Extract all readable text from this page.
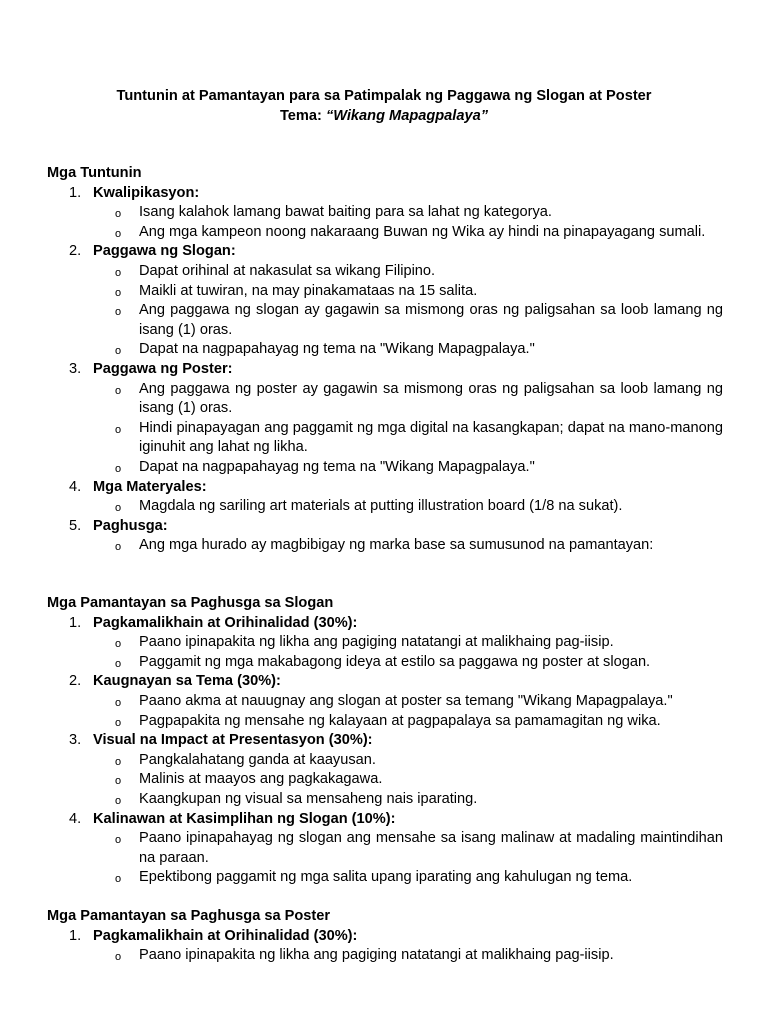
Tuntunin at Pamantayan para sa Patimpalak ng Paggawa ng Slogan at Poster
Tema: “Wikang Mapagpalaya”
Mga Tuntunin
1. Kwalipikasyon:
o Isang kalahok lamang bawat baiting para sa lahat ng kategorya.
o Ang mga kampeon noong nakaraang Buwan ng Wika ay hindi na pinapayagang sumali.
2. Paggawa ng Slogan:
o Dapat orihinal at nakasulat sa wikang Filipino.
o Maikli at tuwiran, na may pinakamataas na 15 salita.
o Ang paggawa ng slogan ay gagawin sa mismong oras ng paligsahan sa loob lamang ng isang (1) oras.
o Dapat na nagpapahayag ng tema na "Wikang Mapagpalaya."
3. Paggawa ng Poster:
o Ang paggawa ng poster ay gagawin sa mismong oras ng paligsahan sa loob lamang ng isang (1) oras.
o Hindi pinapayagan ang paggamit ng mga digital na kasangkapan; dapat na mano-manong iginuhit ang lahat ng likha.
o Dapat na nagpapahayag ng tema na "Wikang Mapagpalaya."
4. Mga Materyales:
o Magdala ng sariling art materials at putting illustration board (1/8 na sukat).
5. Paghusga:
o Ang mga hurado ay magbibigay ng marka base sa sumusunod na pamantayan:
Mga Pamantayan sa Paghusga sa Slogan
1. Pagkamalikhain at Orihinalidad (30%):
o Paano ipinapakita ng likha ang pagiging natatangi at malikhaing pag-iisip.
o Paggamit ng mga makabagong ideya at estilo sa paggawa ng poster at slogan.
2. Kaugnayan sa Tema (30%):
o Paano akma at nauugnay ang slogan at poster sa temang "Wikang Mapagpalaya."
o Pagpapakita ng mensahe ng kalayaan at pagpapalaya sa pamamagitan ng wika.
3. Visual na Impact at Presentasyon (30%):
o Pangkalahatang ganda at kaayusan.
o Malinis at maayos ang pagkakagawa.
o Kaangkupan ng visual sa mensaheng nais iparating.
4. Kalinawan at Kasimplihan ng Slogan (10%):
o Paano ipinapahayag ng slogan ang mensahe sa isang malinaw at madaling maintindihan na paraan.
o Epektibong paggamit ng mga salita upang iparating ang kahulugan ng tema.
Mga Pamantayan sa Paghusga sa Poster
1. Pagkamalikhain at Orihinalidad (30%):
o Paano ipinapakita ng likha ang pagiging natatangi at malikhaing pag-iisip.
